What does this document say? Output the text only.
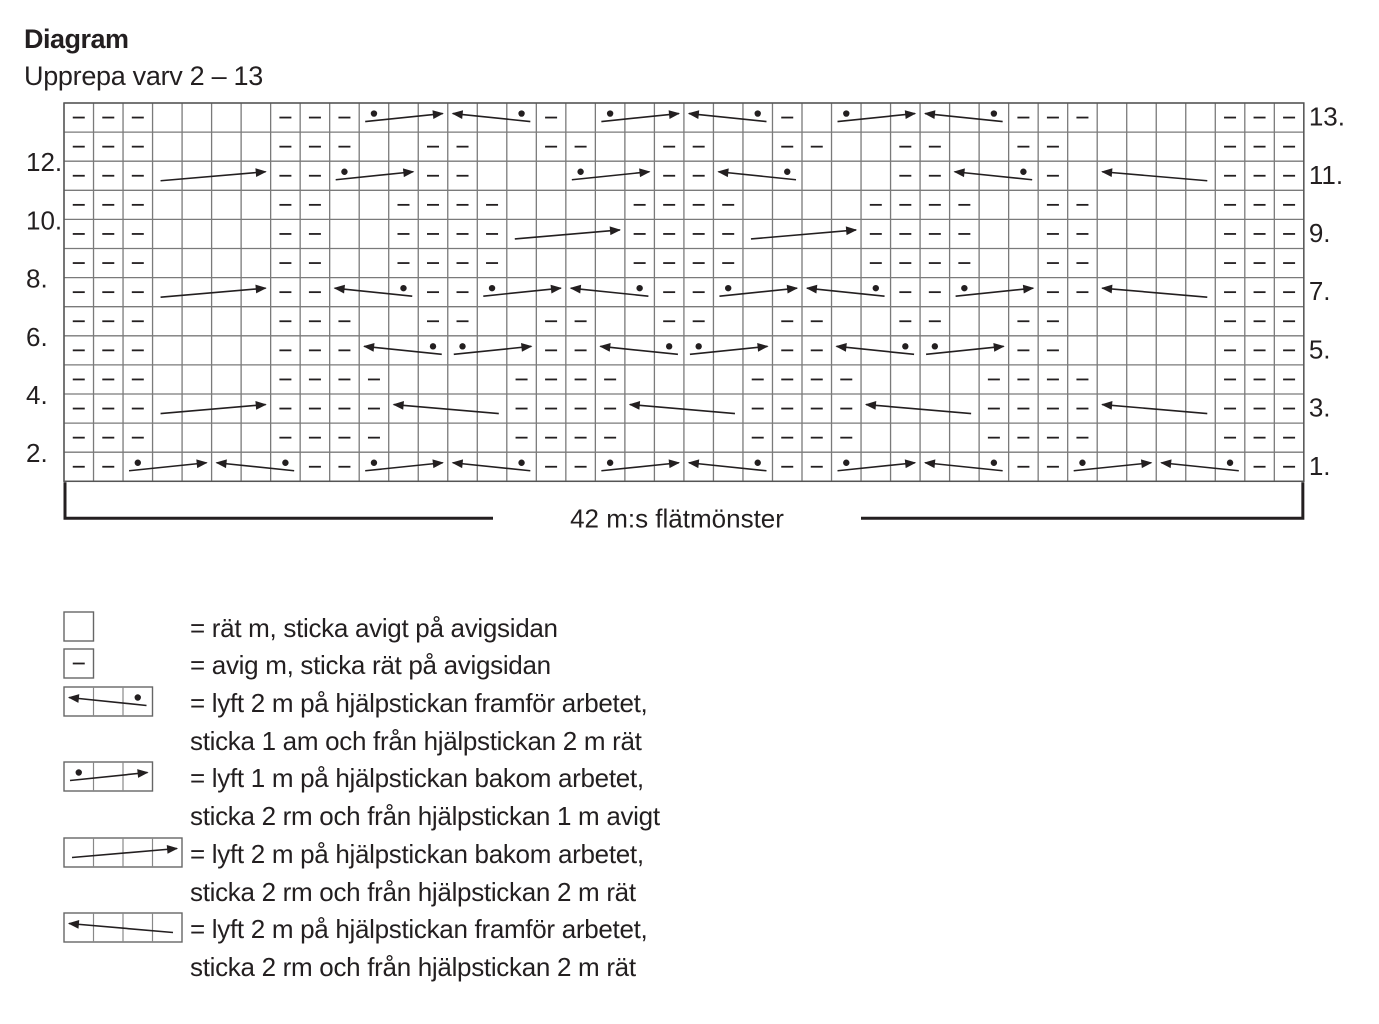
Diagram
Upprepa varv 2 – 13
13.
12.	11.
10.	9.
8.	7.
6.	5.
4.	3.
2.	1.
42 m:s flätmönster
= rät m, sticka avigt på avigsidan
= avig m, sticka rät på avigsidan
= lyft 2 m på hjälpstickan framför arbetet,
sticka 1 am och från hjälpstickan 2 m rät
= lyft 1 m på hjälpstickan bakom arbetet,
sticka 2 rm och från hjälpstickan 1 m avigt
= lyft 2 m på hjälpstickan bakom arbetet,
sticka 2 rm och från hjälpstickan 2 m rät
= lyft 2 m på hjälpstickan framför arbetet,
sticka 2 rm och från hjälpstickan 2 m rät
